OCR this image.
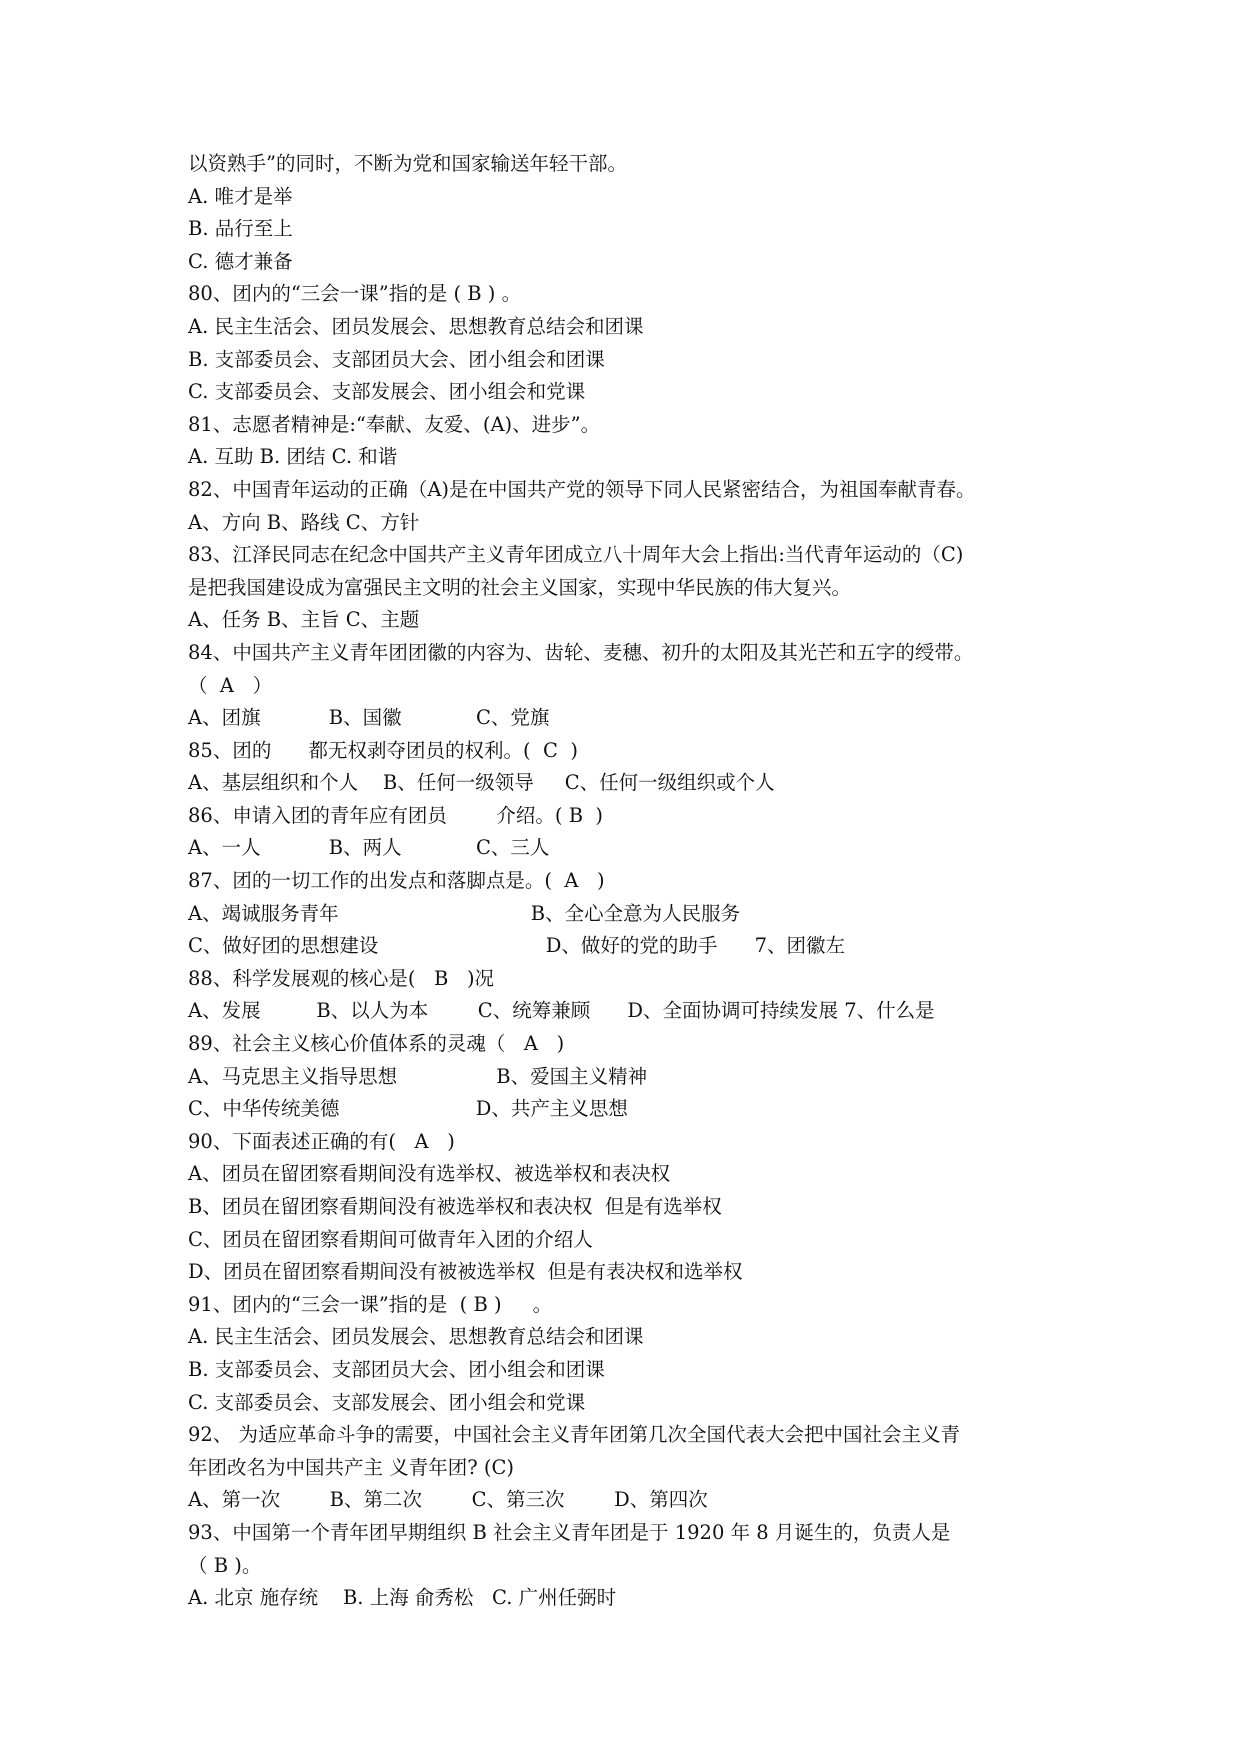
以资熟手”的同时，不断为党和国家输送年轻干部。
A. 唯才是举
B. 品行至上
C. 德才兼备
80、团内的“三会一课”指的是 ( B ) 。
A. 民主生活会、团员发展会、思想教育总结会和团课
B. 支部委员会、支部团员大会、团小组会和团课
C. 支部委员会、支部发展会、团小组会和党课
81、志愿者精神是:“奉献、友爱、(A)、进步”。
A. 互助 B. 团结 C. 和谐
82、中国青年运动的正确（A)是在中国共产党的领导下同人民紧密结合，为祖国奉献青春。
A、方向 B、路线 C、方针
83、江泽民同志在纪念中国共产主义青年团成立八十周年大会上指出:当代青年运动的（C)
是把我国建设成为富强民主文明的社会主义国家，实现中华民族的伟大复兴。
A、任务 B、主旨 C、主题
84、中国共产主义青年团团徽的内容为、齿轮、麦穗、初升的太阳及其光芒和五字的绶带。
（  A   ）
A、团旗           B、国徽            C、党旗
85、团的      都无权剥夺团员的权利。(  C  )
A、基层组织和个人    B、任何一级领导     C、任何一级组织或个人
86、申请入团的青年应有团员        介绍。( B  )
A、一人           B、两人            C、三人
87、团的一切工作的出发点和落脚点是。(  A   )
A、竭诚服务青年                               B、全心全意为人民服务
C、做好团的思想建设                           D、做好的党的助手      7、团徽左
88、科学发展观的核心是(   B   )况
A、发展         B、以人为本        C、统筹兼顾      D、全面协调可持续发展 7、什么是
89、社会主义核心价值体系的灵魂（   A   )
A、马克思主义指导思想                B、爱国主义精神
C、中华传统美德                      D、共产主义思想
90、下面表述正确的有(   A   )
A、团员在留团察看期间没有选举权、被选举权和表决权
B、团员在留团察看期间没有被选举权和表决权  但是有选举权
C、团员在留团察看期间可做青年入团的介绍人
D、团员在留团察看期间没有被被选举权  但是有表决权和选举权
91、团内的“三会一课”指的是  ( B )     。
A. 民主生活会、团员发展会、思想教育总结会和团课
B. 支部委员会、支部团员大会、团小组会和团课
C. 支部委员会、支部发展会、团小组会和党课
92、 为适应革命斗争的需要，中国社会主义青年团第几次全国代表大会把中国社会主义青
年团改名为中国共产主 义青年团? (C)
A、第一次        B、第二次        C、第三次        D、第四次
93、中国第一个青年团早期组织 B 社会主义青年团是于 1920 年 8 月诞生的，负责人是
（ B )。
A. 北京 施存统    B. 上海 俞秀松   C. 广州任弼时
